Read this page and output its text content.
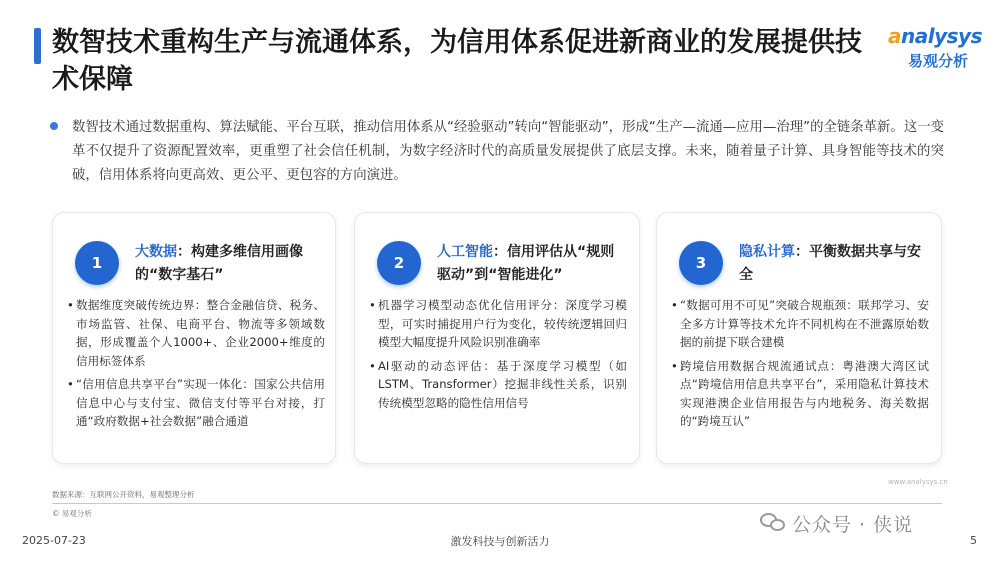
数智技术重构生产与流通体系，为信用体系促进新商业的发展提供技术保障
analysys
易观分析

数智技术通过数据重构、算法赋能、平台互联，推动信用体系从“经验驱动”转向“智能驱动”，形成“生产—流通—应用—治理”的全链条革新。这一变革不仅提升了资源配置效率，更重塑了社会信任机制，为数字经济时代的高质量发展提供了底层支撑。未来，随着量子计算、具身智能等技术的突破，信用体系将向更高效、更公平、更包容的方向演进。

1
大数据：构建多维信用画像的“数字基石”

• 数据维度突破传统边界：整合金融信贷、税务、市场监管、社保、电商平台、物流等多领域数据，形成覆盖个人1000+、企业2000+维度的信用标签体系

• “信用信息共享平台”实现一体化：国家公共信用信息中心与支付宝、微信支付等平台对接，打通“政府数据+社会数据”融合通道

2
人工智能：信用评估从“规则驱动”到“智能进化”

• 机器学习模型动态优化信用评分：深度学习模型，可实时捕捉用户行为变化，较传统逻辑回归模型大幅度提升风险识别准确率

• AI驱动的动态评估：基于深度学习模型（如LSTM、Transformer）挖掘非线性关系，识别传统模型忽略的隐性信用信号

3
隐私计算：平衡数据共享与安全

• “数据可用不可见”突破合规瓶颈：联邦学习、安全多方计算等技术允许不同机构在不泄露原始数据的前提下联合建模

• 跨境信用数据合规流通试点：粤港澳大湾区试点“跨境信用信息共享平台”，采用隐私计算技术实现港澳企业信用报告与内地税务、海关数据的“跨境互认”

www.analysys.cn
数据来源：互联网公开资料，易观整理分析
© 易观分析	公众号 · 侠说
2025-07-23	激发科技与创新活力	5
